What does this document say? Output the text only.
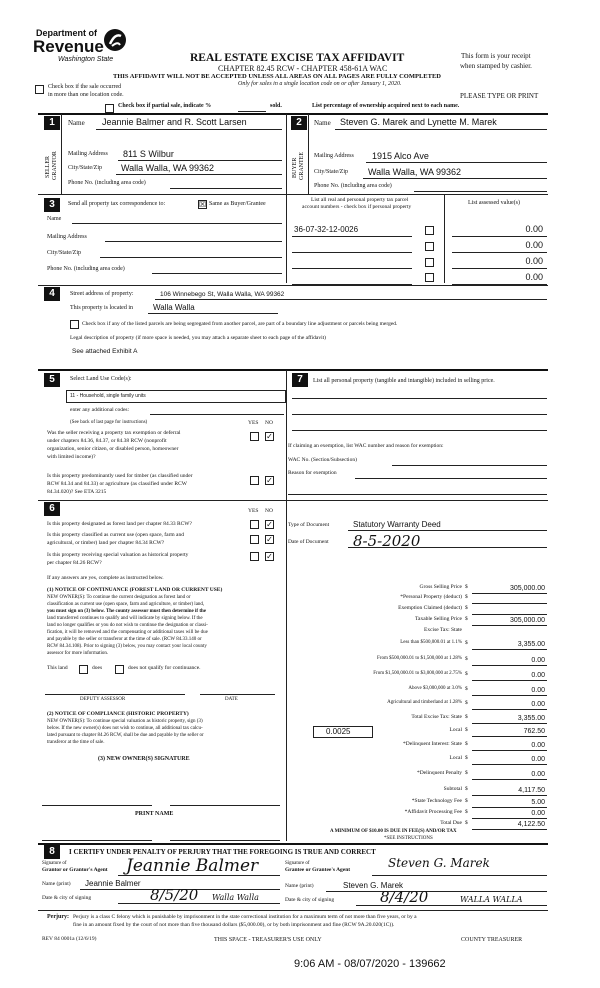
Department of
Revenue
Washington State	REAL ESTATE EXCISE TAX AFFIDAVIT
CHAPTER 82.45 RCW - CHAPTER 458-61A WAC
THIS AFFIDAVIT WILL NOT BE ACCEPTED UNLESS ALL AREAS ON ALL PAGES ARE FULLY COMPLETED
Only for sales in a single location code on or after January 1, 2020.
This form is your receipt
when stamped by cashier.
Check box if the sale occurred
in more than one location code.	PLEASE TYPE OR PRINT
Check box if partial sale, indicate %	sold.	List percentage of ownership acquired next to each name.
1	Name Jeannie Balmer and R. Scott Larsen
SELLER GRANTOR Mailing Address 811 S Wilbur
City/State/Zip Walla Walla, WA 99362
Phone No. (including area code)
2	Name Steven G. Marek and Lynette M. Marek
BUYER GRANTEE Mailing Address 1915 Alco Ave
City/State/Zip Walla Walla, WA 99362
Phone No. (including area code)
3	Send all property tax correspondence to:	☒ Same as Buyer/Grantee
List all real and personal property tax parcel
account numbers - check box if personal property
List assessed value(s)
Name
Mailing Address
City/State/Zip
Phone No. (including area code)
36-07-32-12-0026	0.00
0.00
0.00
0.00
4	Street address of property:	106 Winnebego St, Walla Walla, WA 99362
This property is located in	Walla Walla
Check box if any of the listed parcels are being segregated from another parcel, are part of a boundary line adjustment or parcels being merged.
Legal description of property (if more space is needed, you may attach a separate sheet to each page of the affidavit)
See attached Exhibit A
5	Select Land Use Code(s):
11 - Household, single family units
enter any additional codes:
(See back of last page for instructions)	YES NO
Was the seller receiving a property tax exemption or deferral
under chapters 84.36, 84.37, or 84.38 RCW (nonprofit
organization, senior citizen, or disabled person, homeowner
with limited income)?
✓
Is this property predominantly used for timber (as classified under
RCW 84.34 and 84.33) or agriculture (as classified under RCW
84.34.020)? See ETA 3215
✓
7	List all personal property (tangible and intangible) included in selling price.
If claiming an exemption, list WAC number and reason for exemption:
WAC No. (Section/Subsection)
Reason for exemption
6	YES NO
Is this property designated as forest land per chapter 84.33 RCW?	✓
Is this property classified as current use (open space, farm and
agricultural, or timber) land per chapter 84.34 RCW?	✓
Is this property receiving special valuation as historical property
per chapter 84.26 RCW?
✓
If any answers are yes, complete as instructed below.
(1) NOTICE OF CONTINUANCE (FOREST LAND OR CURRENT USE)
NEW OWNER(S): To continue the current designation as forest land or
classification as current use (open space, farm and agriculture, or timber) land,
you must sign on (3) below. The county assessor must then determine if the
land transferred continues to qualify and will indicate by signing below. If the
land no longer qualifies or you do not wish to continue the designation or classi-
fication, it will be removed and the compensating or additional taxes will be due
and payable by the seller or transferor at the time of sale. (RCW 84.33.140 or
RCW 84.34.108). Prior to signing (3) below, you may contact your local county
assessor for more information.
This land	does	does not qualify for continuance.
DEPUTY ASSESSOR	DATE
(2) NOTICE OF COMPLIANCE (HISTORIC PROPERTY)
NEW OWNER(S): To continue special valuation as historic property, sign (3)
below. If the new owner(s) does not wish to continue, all additional tax calcu-
lated pursuant to chapter 84.26 RCW, shall be due and payable by the seller or
transferor at the time of sale.
(3) NEW OWNER(S) SIGNATURE
PRINT NAME
Type of Document	Statutory Warranty Deed
Date of Document 8-5-2020
Gross Selling Price $	305,000.00
*Personal Property (deduct) $
Exemption Claimed (deduct) $
Taxable Selling Price $	305,000.00
Excise Tax: State
Less than $500,000.01 at 1.1% $	3,355.00
From $500,000.01 to $1,500,000 at 1.28% $	0.00
From $1,500,000.01 to $3,000,000 at 2.75% $	0.00
Above $3,000,000 at 3.0% $	0.00
Agricultural and timberland at 1.28% $	0.00
Total Excise Tax: State $	3,355.00
Local $	762.50
*Delinquent Interest: State $	0.00
Local $	0.00
*Delinquent Penalty $	0.00
Subtotal $	4,117.50
*State Technology Fee $	5.00
*Affidavit Processing Fee $	0.00
Total Due $	4,122.50
0.0025
A MINIMUM OF $10.00 IS DUE IN FEE(S) AND/OR TAX
*SEE INSTRUCTIONS
8	I CERTIFY UNDER PENALTY OF PERJURY THAT THE FOREGOING IS TRUE AND CORRECT
Signature of
Grantor or Grantor's Agent Jeannie Balmer
Name (print) Jeannie Balmer
Date & city of signing	8/5/20 Walla Walla
Signature of
Grantee or Grantee's Agent	Steven G. Marek
Name (print)	Steven G. Marek
Date & city of signing	8/4/20	WALLA WALLA
Perjury: Perjury is a class C felony which is punishable by imprisonment in the state correctional institution for a maximum term of not more than five years, or by a
fine in an amount fixed by the court of not more than five thousand dollars ($5,000.00), or by both imprisonment and fine (RCW 9A.20.020(1C)).
REV 84 0001a (12/6/19)	THIS SPACE - TREASURER'S USE ONLY	COUNTY TREASURER
9:06 AM - 08/07/2020 - 139662
